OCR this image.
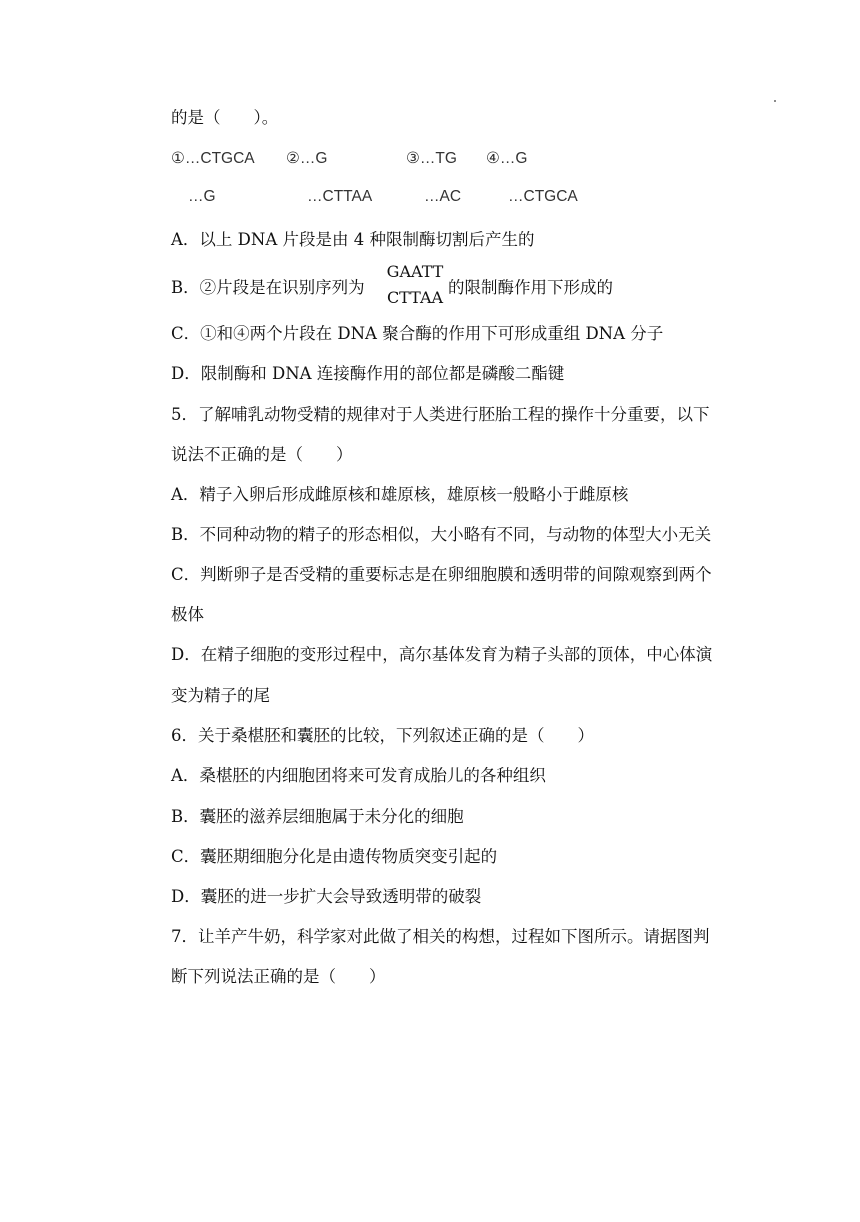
的是（　　）。
①…CTGCA ②…G	③…TG ④…G
…G	…CTTAA	…AC	…CTGCA
A．以上 DNA 片段是由 4 种限制酶切割后产生的
B．②片段是在识别序列为
GAATT
CTTAA
的限制酶作用下形成的
C．①和④两个片段在 DNA 聚合酶的作用下可形成重组 DNA 分子
D．限制酶和 DNA 连接酶作用的部位都是磷酸二酯键
5．了解哺乳动物受精的规律对于人类进行胚胎工程的操作十分重要，以下
说法不正确的是（　　）
A．精子入卵后形成雌原核和雄原核，雄原核一般略小于雌原核
B．不同种动物的精子的形态相似，大小略有不同，与动物的体型大小无关
C．判断卵子是否受精的重要标志是在卵细胞膜和透明带的间隙观察到两个
极体
D．在精子细胞的变形过程中，高尔基体发育为精子头部的顶体，中心体演
变为精子的尾
6．关于桑椹胚和囊胚的比较，下列叙述正确的是（　　）
A．桑椹胚的内细胞团将来可发育成胎儿的各种组织
B．囊胚的滋养层细胞属于未分化的细胞
C．囊胚期细胞分化是由遗传物质突变引起的
D．囊胚的进一步扩大会导致透明带的破裂
7．让羊产牛奶，科学家对此做了相关的构想，过程如下图所示。请据图判
断下列说法正确的是（　　）
